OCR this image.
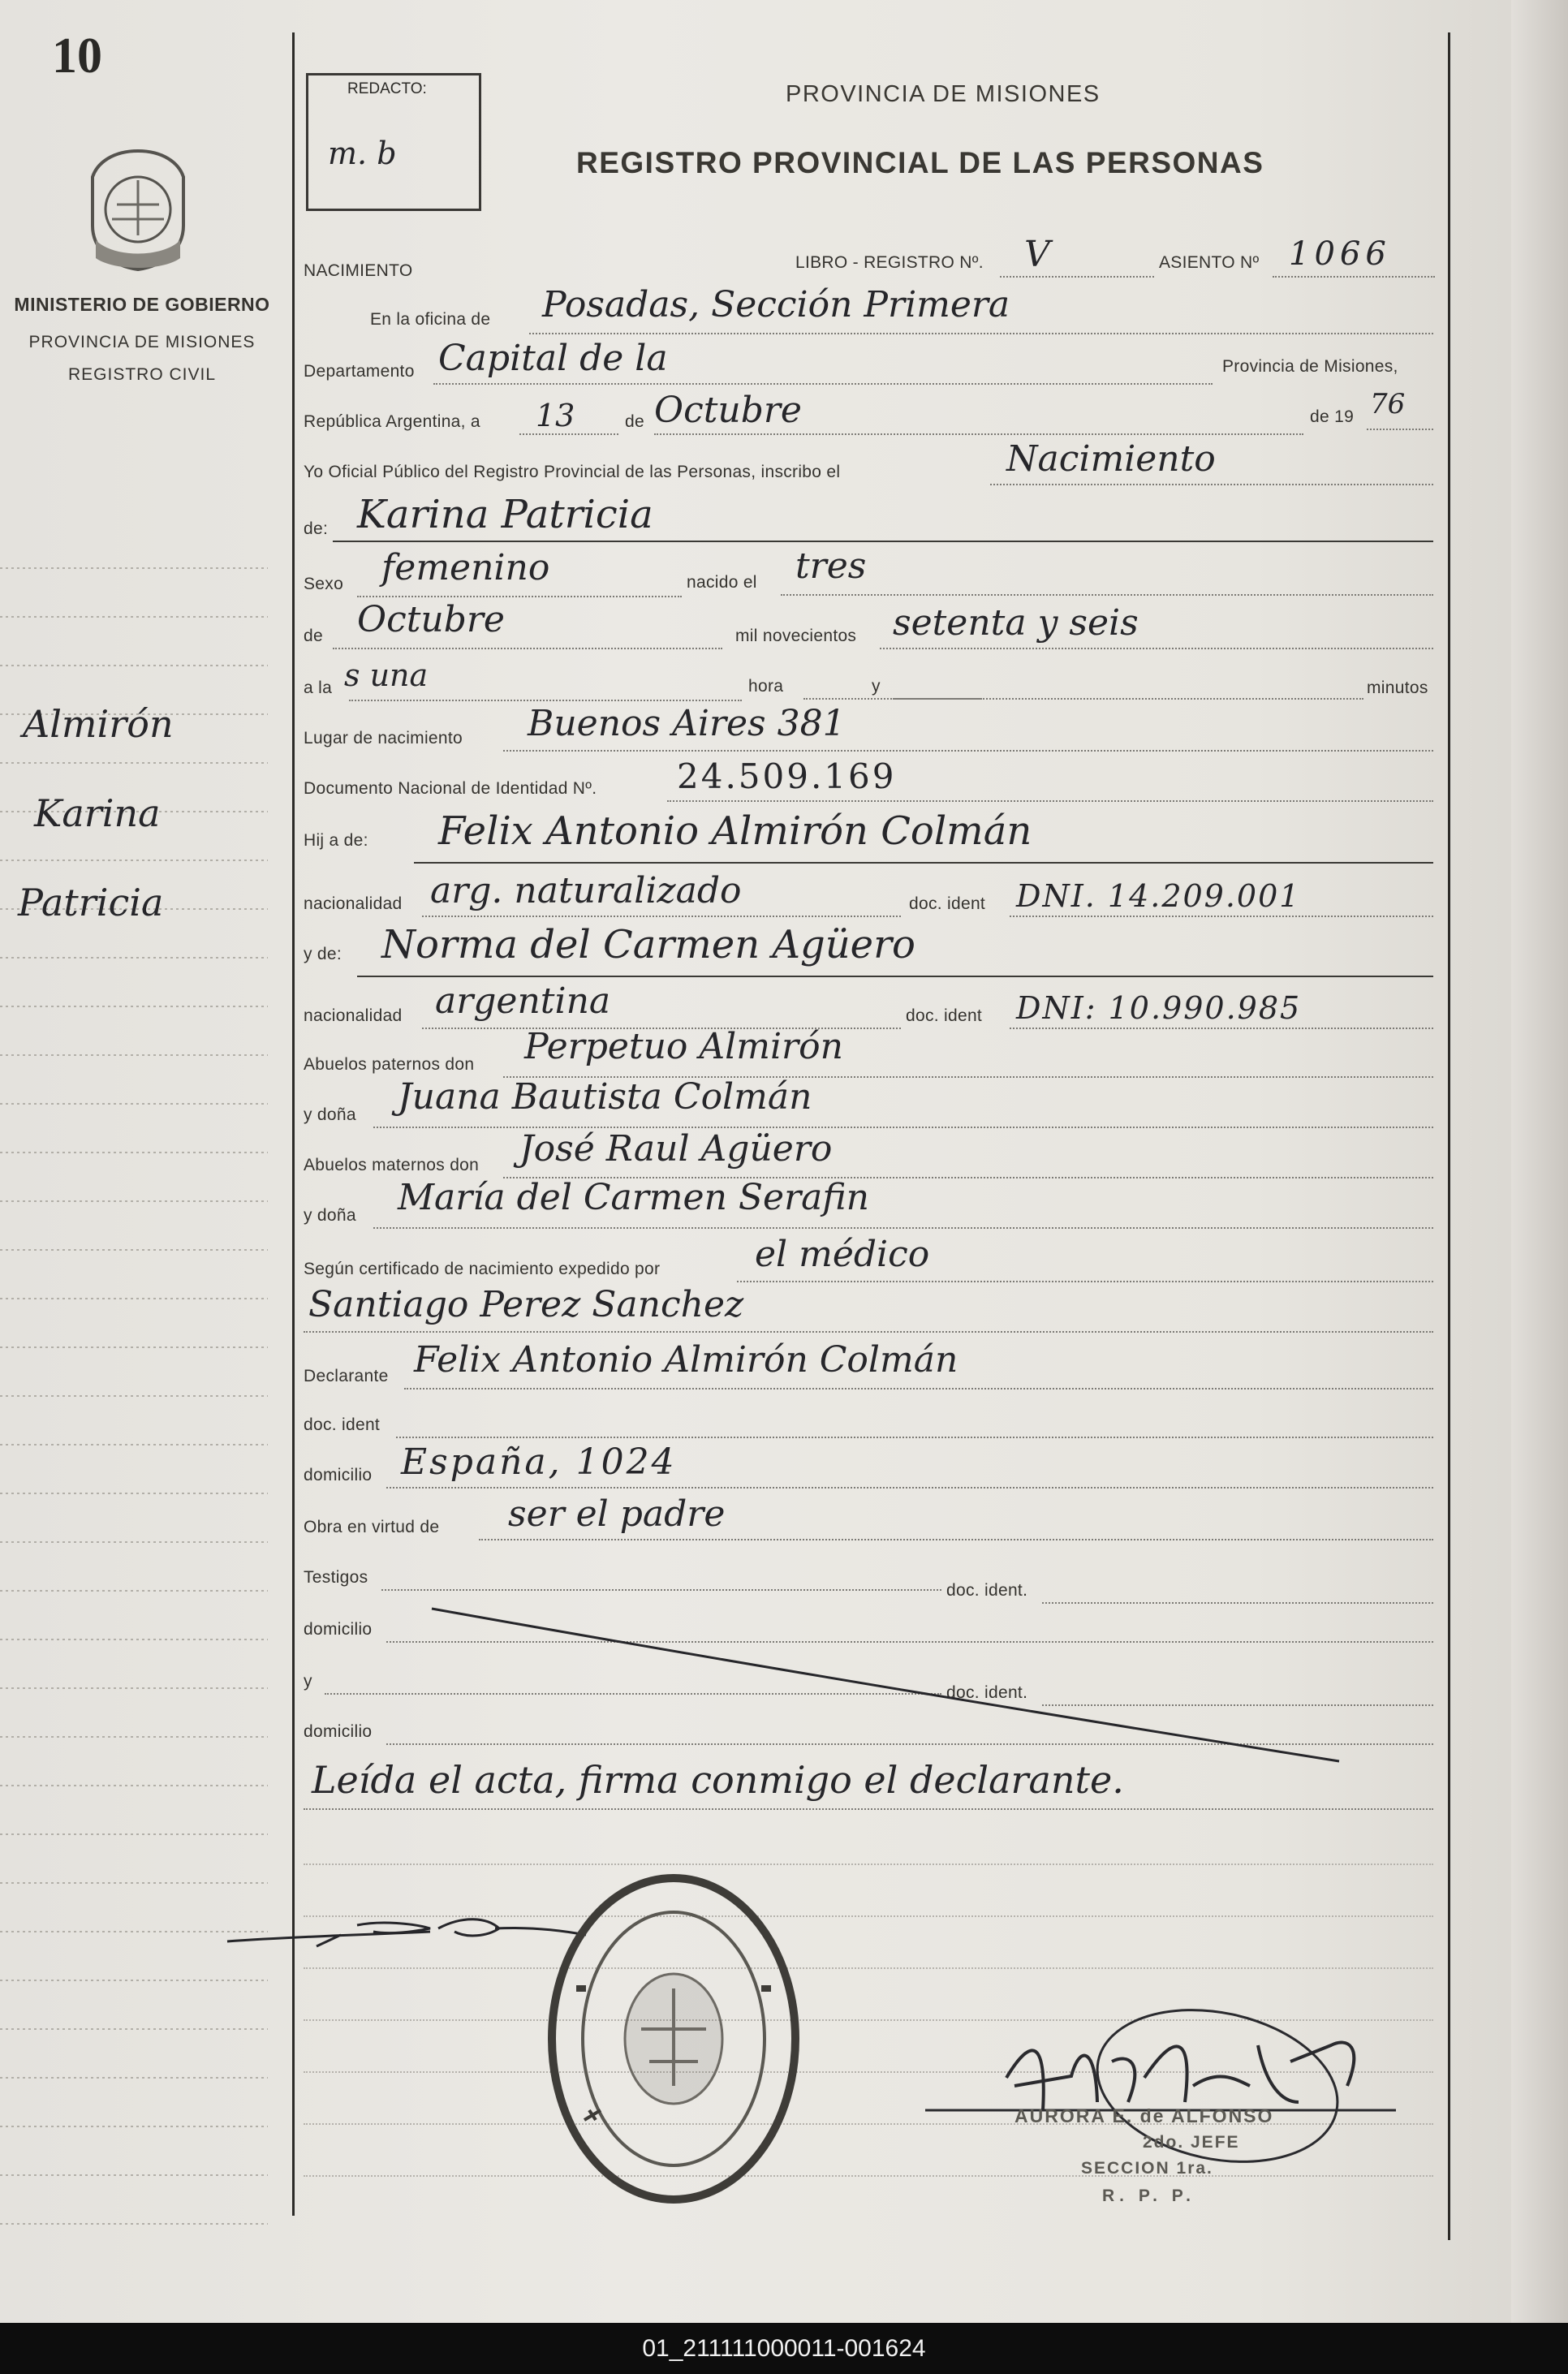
10
MINISTERIO DE GOBIERNO
PROVINCIA DE MISIONES
REGISTRO CIVIL
Almirón
Karina
Patricia
REDACTO:
m. b
PROVINCIA DE MISIONES
REGISTRO PROVINCIAL DE LAS PERSONAS
NACIMIENTO	LIBRO - REGISTRO Nº. V	ASIENTO Nº 1066
En la oficina de Posadas, Sección Primera
Departamento Capital de la	Provincia de Misiones,
República Argentina, a 13	de Octubre	de 19 76
Yo Oficial Público del Registro Provincial de las Personas, inscribo el	Nacimiento
de: Karina Patricia
Sexo femenino	nacido el tres
de Octubre	mil novecientos setenta y seis
a la s una	hora	y	minutos
Lugar de nacimiento Buenos Aires 381
Documento Nacional de Identidad Nº. 24.509.169
Hij a de: Felix Antonio Almirón Colmán
nacionalidad arg. naturalizado	doc. ident DNI. 14.209.001
y de: Norma del Carmen Agüero
nacionalidad argentina	doc. ident DNI: 10.990.985
Abuelos paternos don Perpetuo Almirón
y doña Juana Bautista Colmán
Abuelos maternos don José Raul Agüero
y doña María del Carmen Serafin
Según certificado de nacimiento expedido por	el médico
Santiago Perez Sanchez
Declarante Felix Antonio Almirón Colmán
doc. ident
domicilio España, 1024
Obra en virtud de ser el padre
Testigos
doc. ident.
domicilio
y
doc. ident.
domicilio
Leída el acta, firma conmigo el declarante.
AURORA E. de ALFONSO
2do. JEFE
SECCION 1ra.
R. P. P.
01_211111000011-001624
